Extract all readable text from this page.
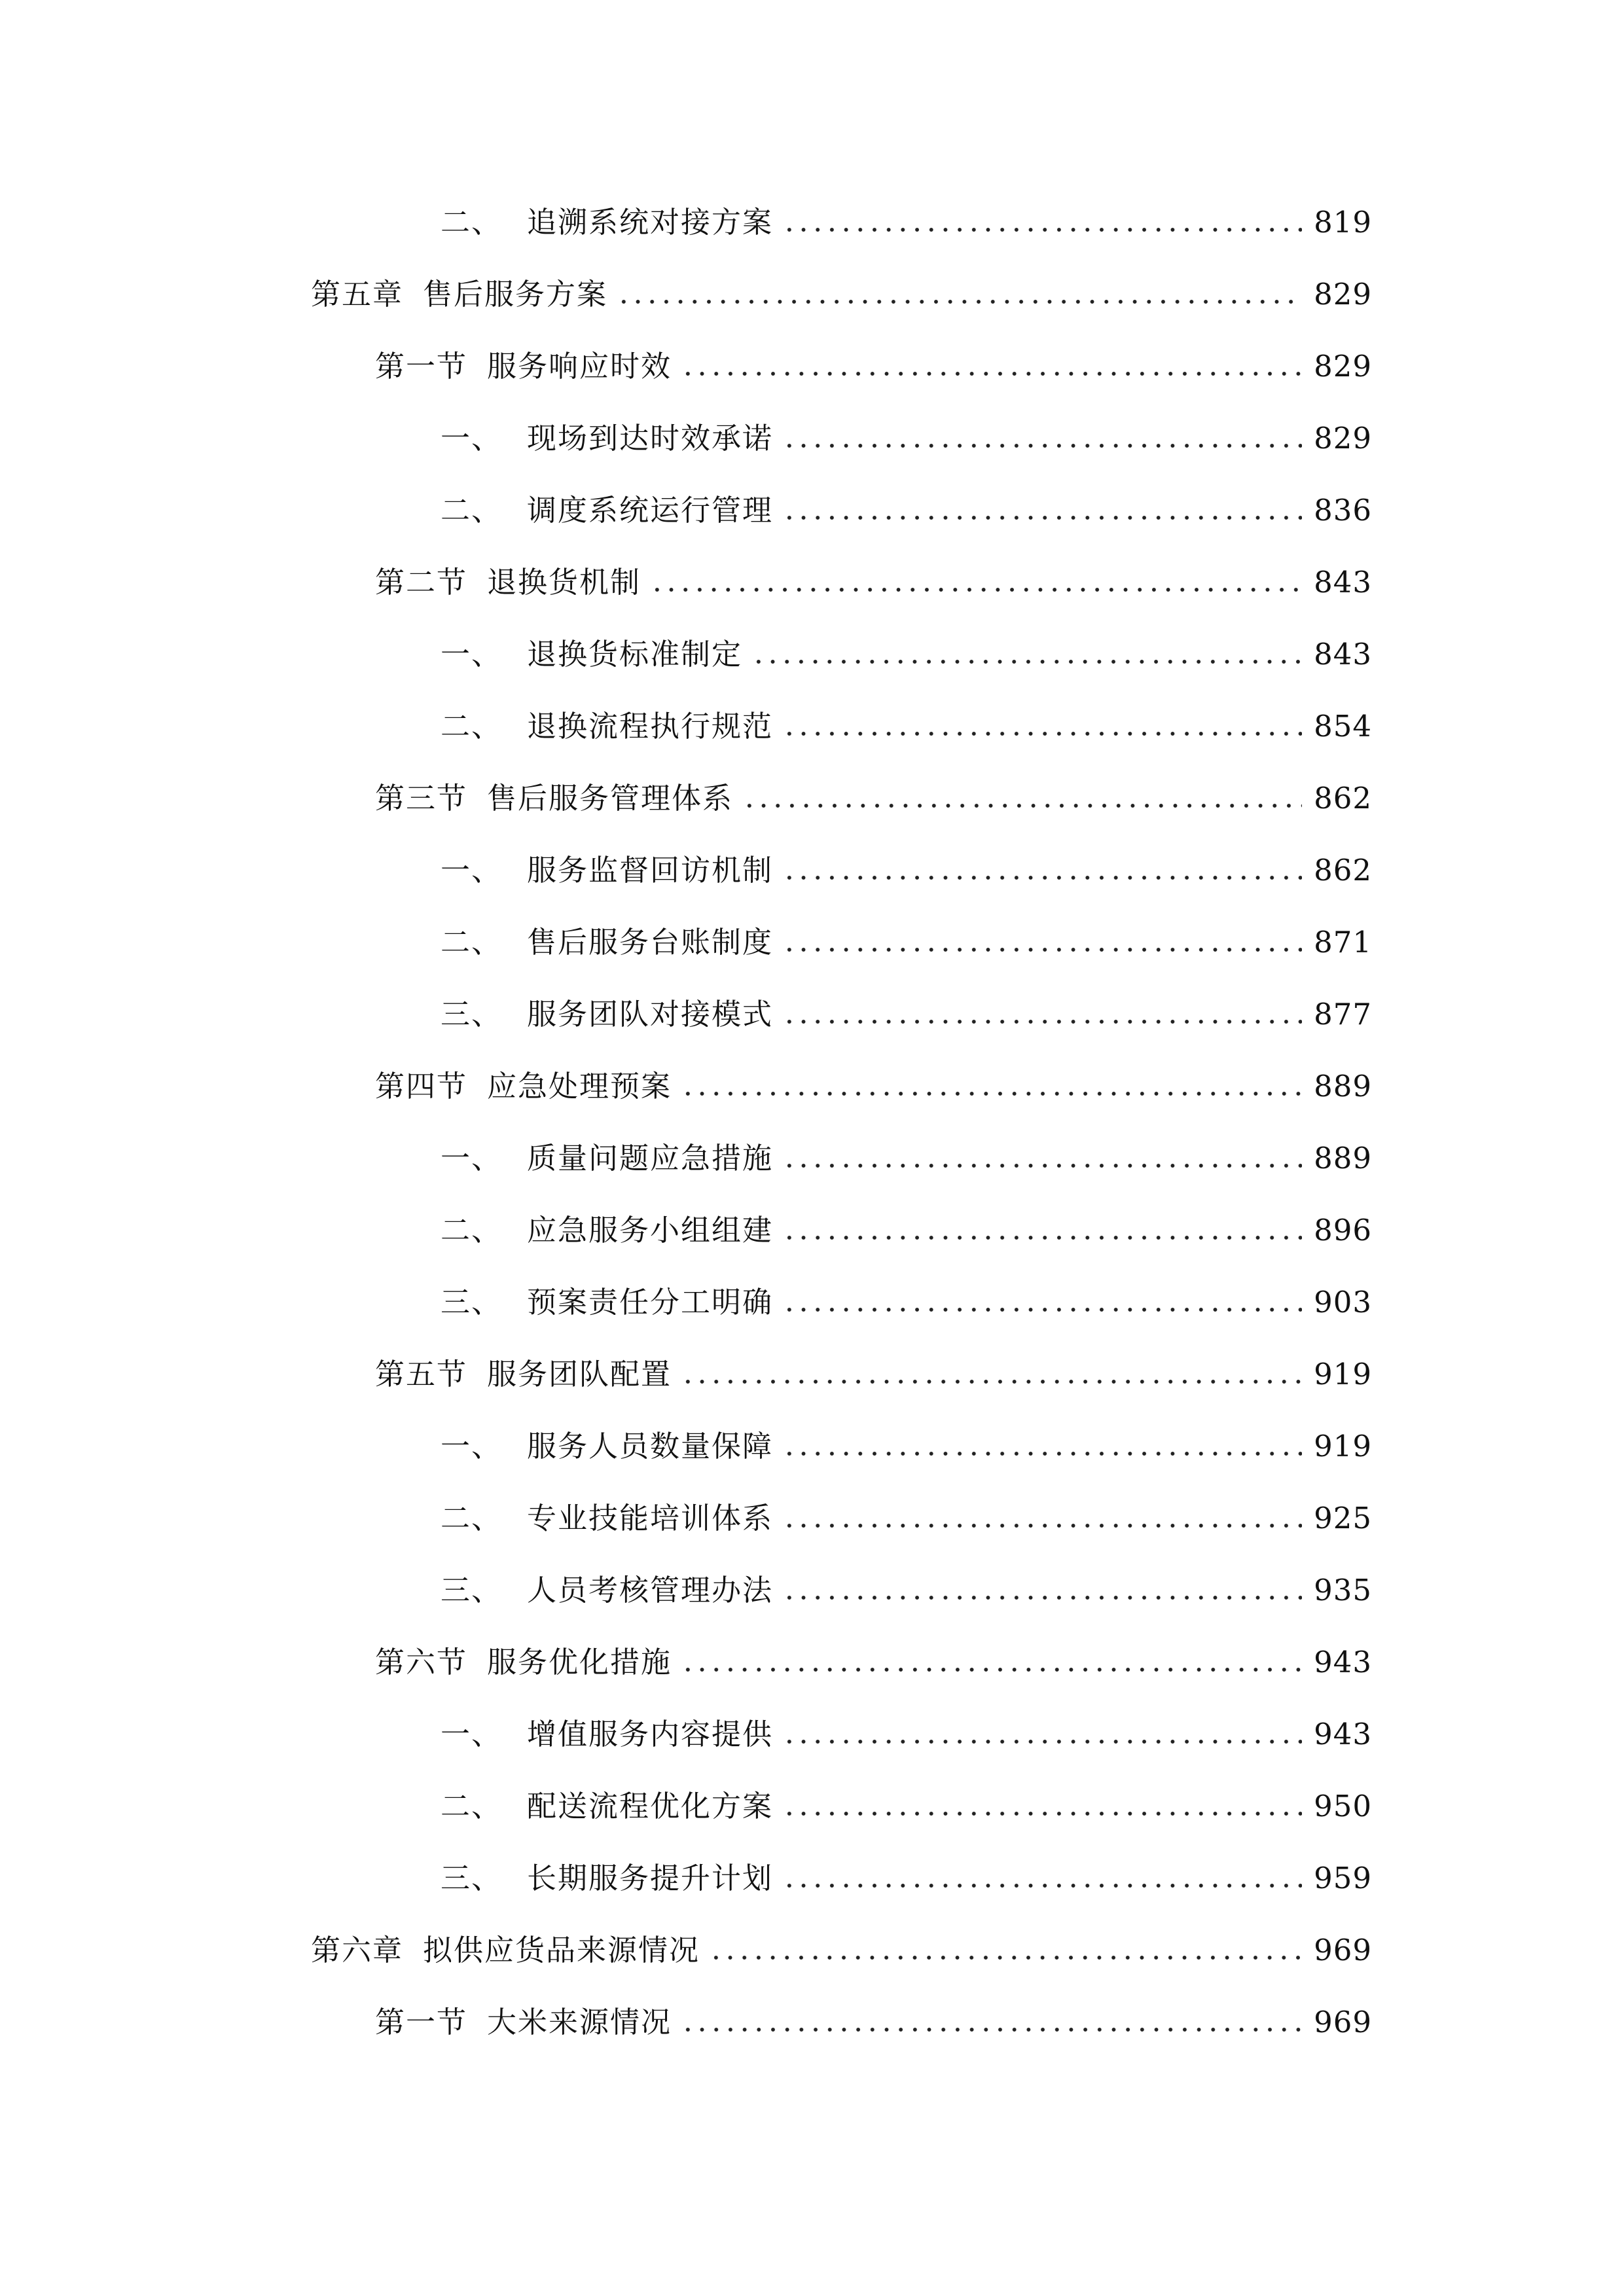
二、 追溯系统对接方案	819
第五章 售后服务方案	829
第一节 服务响应时效	829
一、 现场到达时效承诺	829
二、 调度系统运行管理	836
第二节 退换货机制	843
一、 退换货标准制定	843
二、 退换流程执行规范	854
第三节 售后服务管理体系	862
一、 服务监督回访机制	862
二、 售后服务台账制度	871
三、 服务团队对接模式	877
第四节 应急处理预案	889
一、 质量问题应急措施	889
二、 应急服务小组组建	896
三、 预案责任分工明确	903
第五节 服务团队配置	919
一、 服务人员数量保障	919
二、 专业技能培训体系	925
三、 人员考核管理办法	935
第六节 服务优化措施	943
一、 增值服务内容提供	943
二、 配送流程优化方案	950
三、 长期服务提升计划	959
第六章 拟供应货品来源情况	969
第一节 大米来源情况	969
